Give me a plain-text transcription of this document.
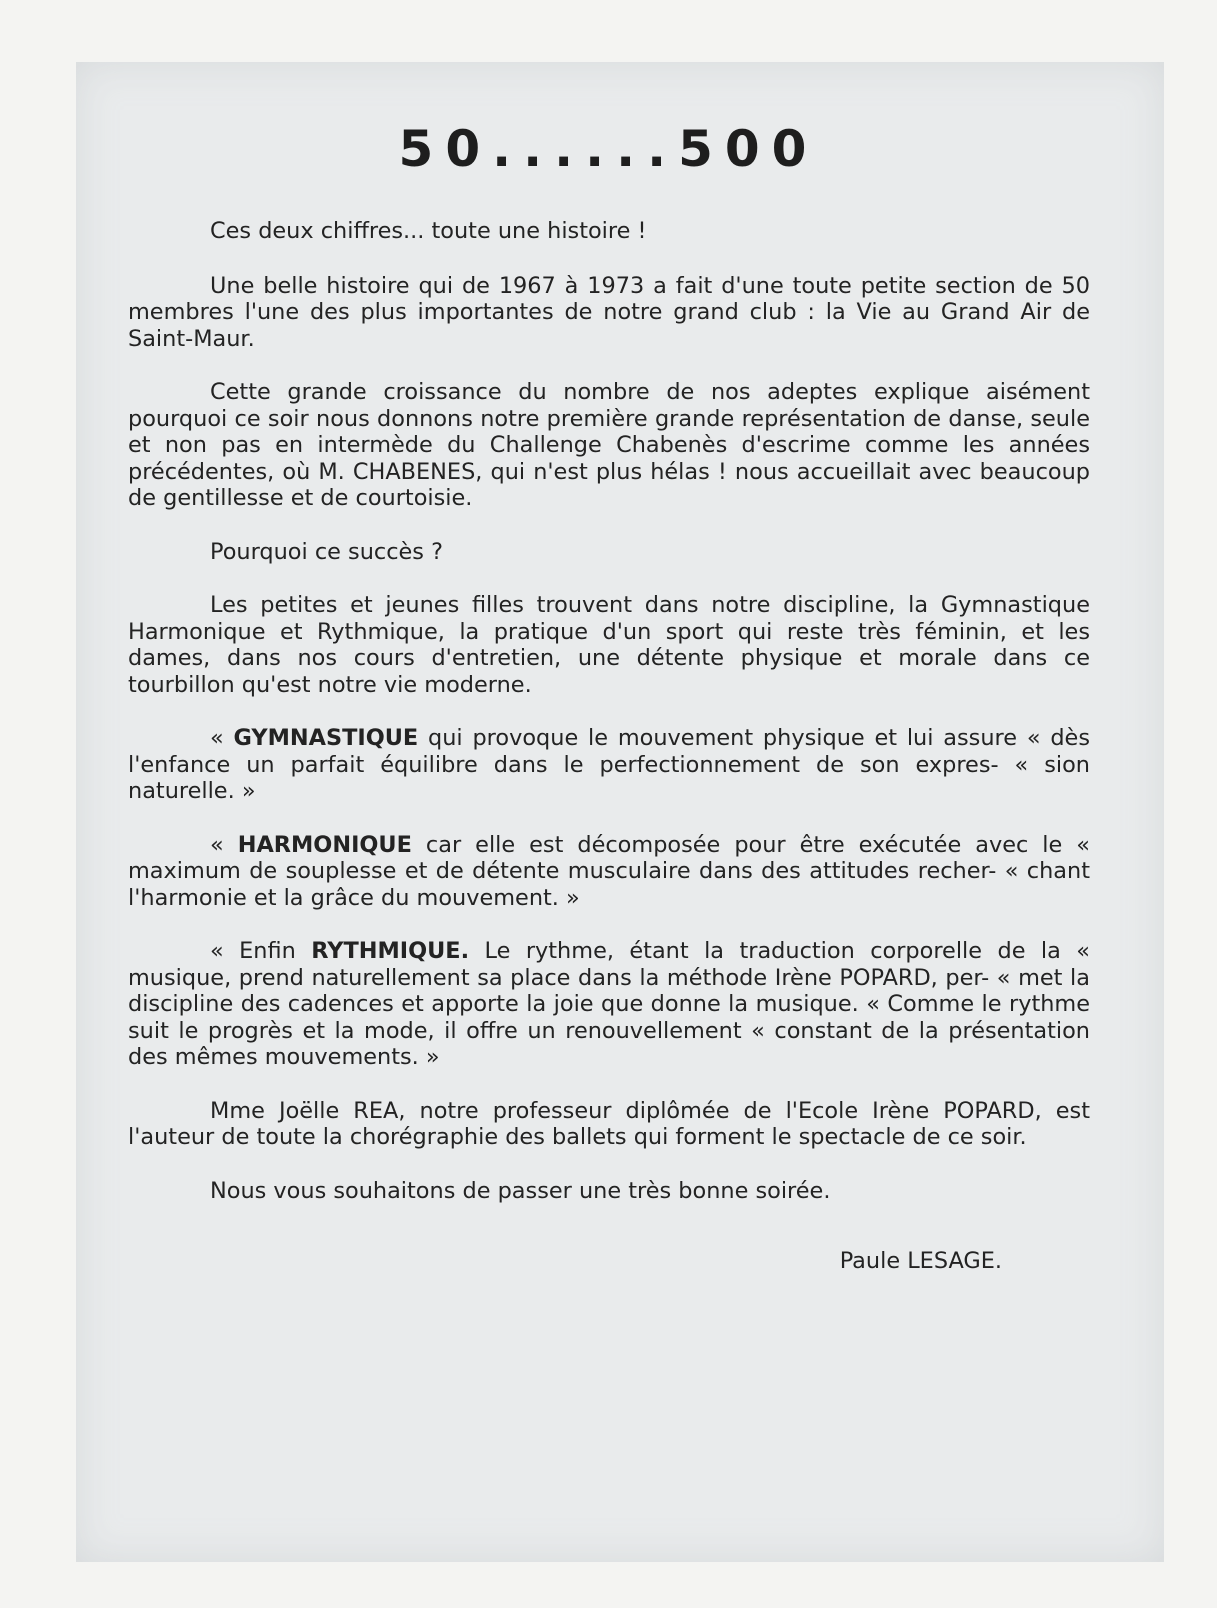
50......500

Ces deux chiffres... toute une histoire !

Une belle histoire qui de 1967 à 1973 a fait d'une toute petite section de 50 membres l'une des plus importantes de notre grand club : la Vie au Grand Air de Saint-Maur.

Cette grande croissance du nombre de nos adeptes explique aisément pourquoi ce soir nous donnons notre première grande représentation de danse, seule et non pas en intermède du Challenge Chabenès d'escrime comme les années précédentes, où M. CHABENES, qui n'est plus hélas ! nous accueillait avec beaucoup de gentillesse et de courtoisie.

Pourquoi ce succès ?

Les petites et jeunes filles trouvent dans notre discipline, la Gymnastique Harmonique et Rythmique, la pratique d'un sport qui reste très féminin, et les dames, dans nos cours d'entretien, une détente physique et morale dans ce tourbillon qu'est notre vie moderne.

« GYMNASTIQUE qui provoque le mouvement physique et lui assure « dès l'enfance un parfait équilibre dans le perfectionnement de son expres- « sion naturelle. »

« HARMONIQUE car elle est décomposée pour être exécutée avec le « maximum de souplesse et de détente musculaire dans des attitudes recher- « chant l'harmonie et la grâce du mouvement. »

« Enfin RYTHMIQUE. Le rythme, étant la traduction corporelle de la « musique, prend naturellement sa place dans la méthode Irène POPARD, per- « met la discipline des cadences et apporte la joie que donne la musique. « Comme le rythme suit le progrès et la mode, il offre un renouvellement « constant de la présentation des mêmes mouvements. »

Mme Joëlle REA, notre professeur diplômée de l'Ecole Irène POPARD, est l'auteur de toute la chorégraphie des ballets qui forment le spectacle de ce soir.

Nous vous souhaitons de passer une très bonne soirée.

Paule LESAGE.
